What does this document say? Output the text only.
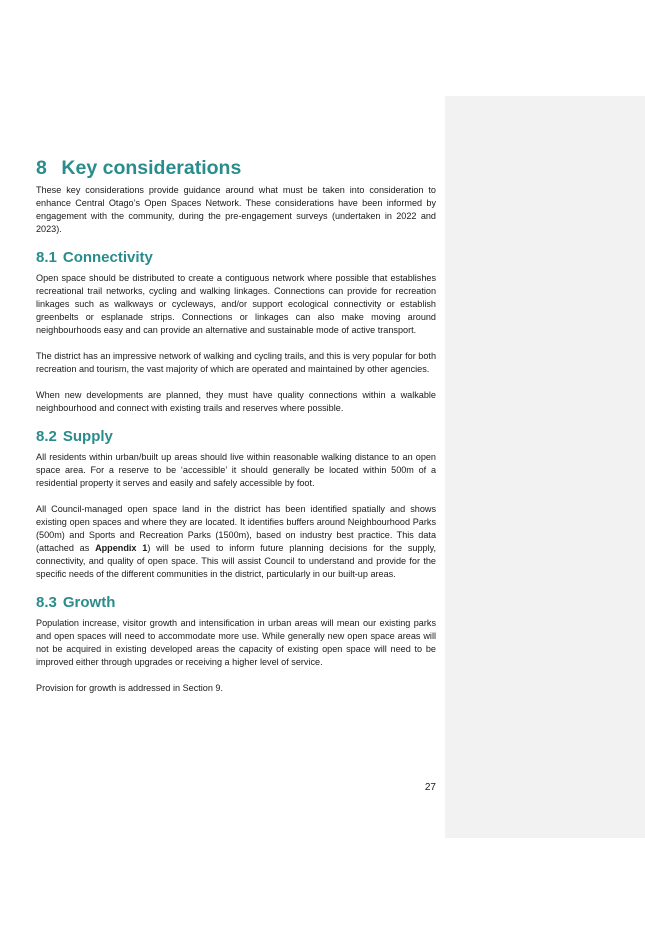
8 Key considerations

These key considerations provide guidance around what must be taken into consideration to enhance Central Otago’s Open Spaces Network. These considerations have been informed by engagement with the community, during the pre-engagement surveys (undertaken in 2022 and 2023).

8.1 Connectivity

Open space should be distributed to create a contiguous network where possible that establishes recreational trail networks, cycling and walking linkages. Connections can provide for recreation linkages such as walkways or cycleways, and/or support ecological connectivity or establish greenbelts or esplanade strips. Connections or linkages can also make moving around neighbourhoods easy and can provide an alternative and sustainable mode of active transport.

The district has an impressive network of walking and cycling trails, and this is very popular for both recreation and tourism, the vast majority of which are operated and maintained by other agencies.

When new developments are planned, they must have quality connections within a walkable neighbourhood and connect with existing trails and reserves where possible.

8.2 Supply

All residents within urban/built up areas should live within reasonable walking distance to an open space area. For a reserve to be ‘accessible’ it should generally be located within 500m of a residential property it serves and easily and safely accessible by foot.

All Council-managed open space land in the district has been identified spatially and shows existing open spaces and where they are located. It identifies buffers around Neighbourhood Parks (500m) and Sports and Recreation Parks (1500m), based on industry best practice. This data (attached as Appendix 1) will be used to inform future planning decisions for the supply, connectivity, and quality of open space. This will assist Council to understand and provide for the specific needs of the different communities in the district, particularly in our built-up areas.

8.3 Growth

Population increase, visitor growth and intensification in urban areas will mean our existing parks and open spaces will need to accommodate more use. While generally new open space areas will not be acquired in existing developed areas the capacity of existing open space will need to be improved either through upgrades or receiving a higher level of service.

Provision for growth is addressed in Section 9.

27
